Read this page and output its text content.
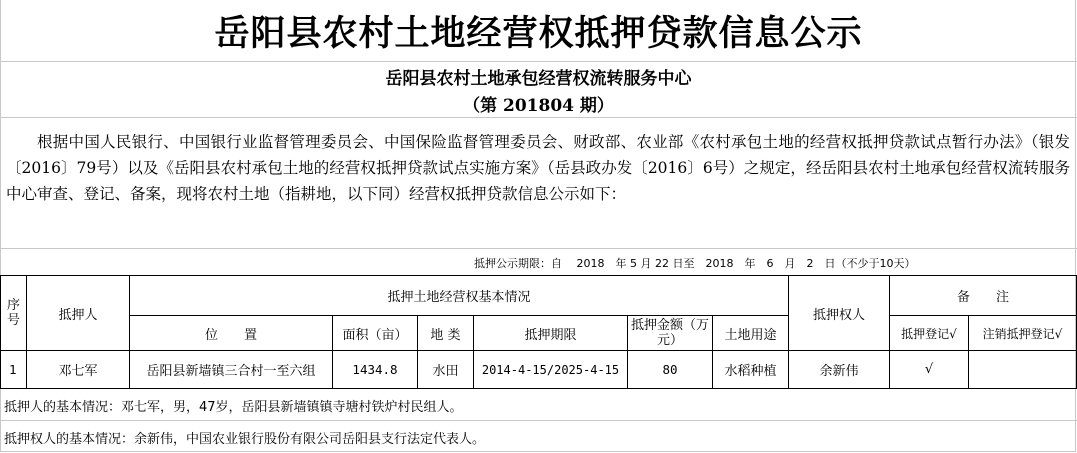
岳阳县农村土地经营权抵押贷款信息公示
岳阳县农村土地承包经营权流转服务中心
（第 201804 期）
根据中国人民银行、中国银行业监督管理委员会、中国保险监督管理委员会、财政部、农业部《农村承包土地的经营权抵押贷款试点暂行办法》（银发〔2016〕79号）以及《岳阳县农村承包土地的经营权抵押贷款试点实施方案》（岳县政办发〔2016〕6号）之规定，经岳阳县农村土地承包经营权流转服务中心审查、登记、备案，现将农村土地（指耕地，以下同）经营权抵押贷款信息公示如下：
抵押公示期限：自　 2018　年 5 月 22 日至　2018　年　6　月　2　日（不少于10天）
序号	抵押人	抵押土地经营权基本情况						抵押权人	备　　注	
		位　　置	面积（亩）	地 类	抵押期限	抵押金额（万元）	土地用途		抵押登记√	注销抵押登记√
1	邓七军	岳阳县新墙镇三合村一至六组	1434.8	水田	2014-4-15/2025-4-15	80	水稻种植	余新伟	√	
抵押人的基本情况：邓七军，男，47岁，岳阳县新墙镇镇寺塘村铁炉村民组人。
抵押权人的基本情况：余新伟，中国农业银行股份有限公司岳阳县支行法定代表人。
